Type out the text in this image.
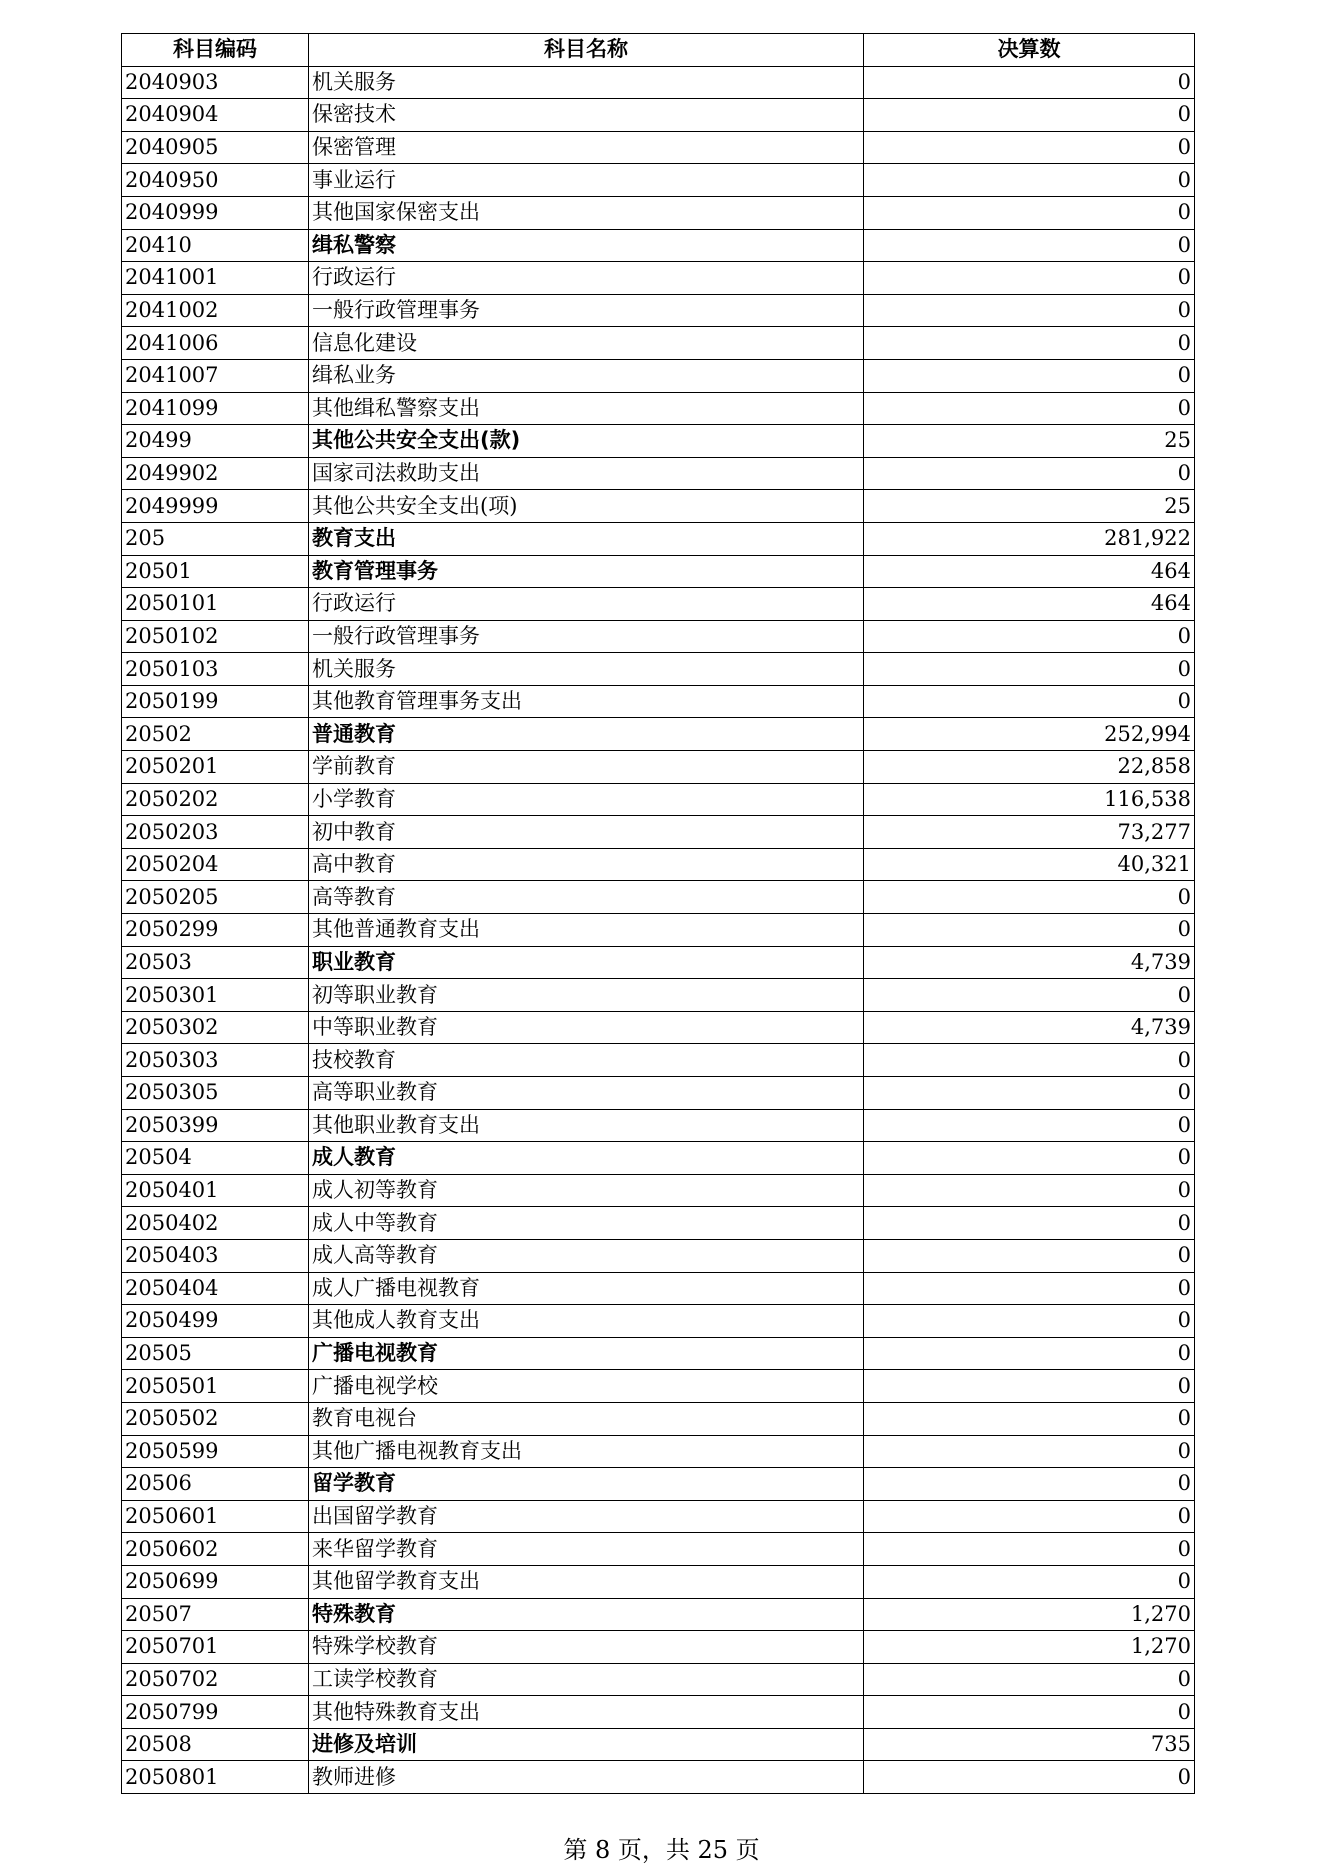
科目编码	科目名称	决算数
2040903	机关服务	0
2040904	保密技术	0
2040905	保密管理	0
2040950	事业运行	0
2040999	其他国家保密支出	0
20410	缉私警察	0
2041001	行政运行	0
2041002	一般行政管理事务	0
2041006	信息化建设	0
2041007	缉私业务	0
2041099	其他缉私警察支出	0
20499	其他公共安全支出(款)	25
2049902	国家司法救助支出	0
2049999	其他公共安全支出(项)	25
205	教育支出	281,922
20501	教育管理事务	464
2050101	行政运行	464
2050102	一般行政管理事务	0
2050103	机关服务	0
2050199	其他教育管理事务支出	0
20502	普通教育	252,994
2050201	学前教育	22,858
2050202	小学教育	116,538
2050203	初中教育	73,277
2050204	高中教育	40,321
2050205	高等教育	0
2050299	其他普通教育支出	0
20503	职业教育	4,739
2050301	初等职业教育	0
2050302	中等职业教育	4,739
2050303	技校教育	0
2050305	高等职业教育	0
2050399	其他职业教育支出	0
20504	成人教育	0
2050401	成人初等教育	0
2050402	成人中等教育	0
2050403	成人高等教育	0
2050404	成人广播电视教育	0
2050499	其他成人教育支出	0
20505	广播电视教育	0
2050501	广播电视学校	0
2050502	教育电视台	0
2050599	其他广播电视教育支出	0
20506	留学教育	0
2050601	出国留学教育	0
2050602	来华留学教育	0
2050699	其他留学教育支出	0
20507	特殊教育	1,270
2050701	特殊学校教育	1,270
2050702	工读学校教育	0
2050799	其他特殊教育支出	0
20508	进修及培训	735
2050801	教师进修	0
第 8 页，共 25 页
